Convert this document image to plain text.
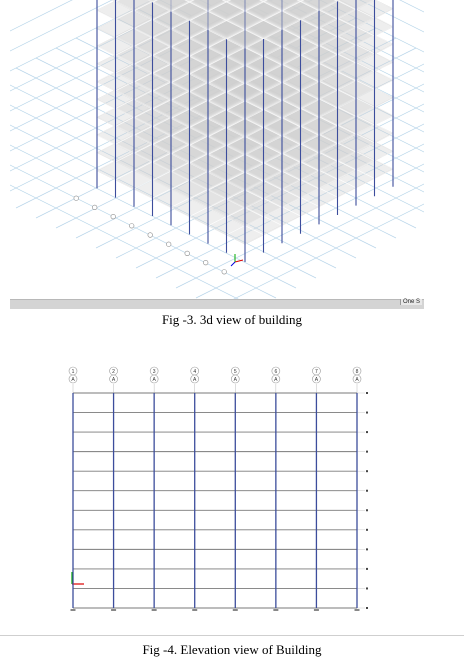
One S
Fig -3. 3d view of building
1
A
2
A
3
A
4
A
5
A
6
A
7
A
8
A
Fig -4. Elevation view of Building
